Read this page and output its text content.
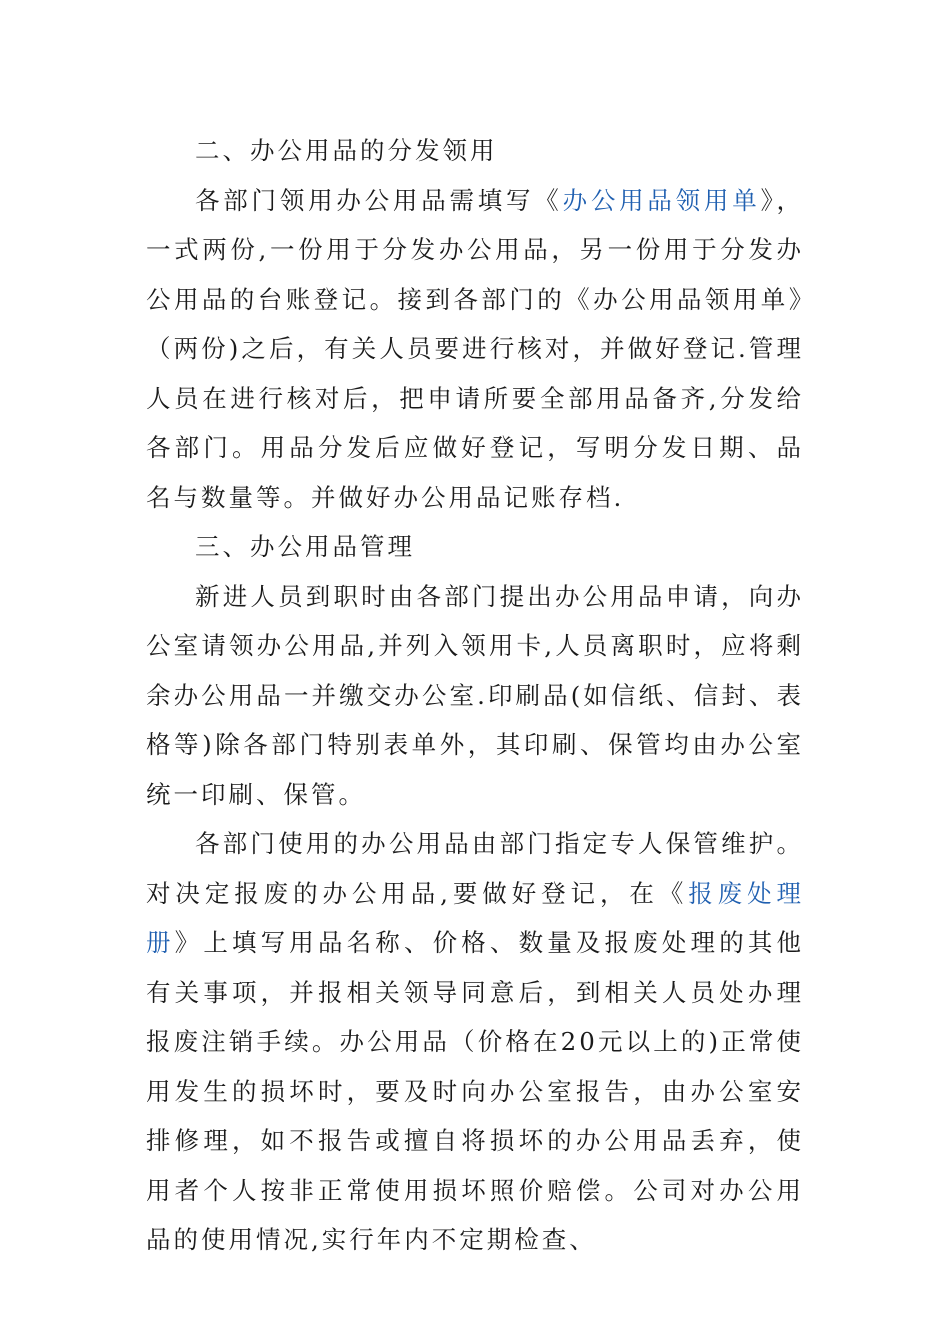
二、办公用品的分发领用

各部门领用办公用品需填写《办公用品领用单》，一式两份,一份用于分发办公用品，另一份用于分发办公用品的台账登记。接到各部门的《办公用品领用单》（两份)之后，有关人员要进行核对，并做好登记.管理人员在进行核对后，把申请所要全部用品备齐,分发给各部门。用品分发后应做好登记，写明分发日期、品名与数量等。并做好办公用品记账存档.

三、办公用品管理

新进人员到职时由各部门提出办公用品申请，向办公室请领办公用品,并列入领用卡,人员离职时，应将剩余办公用品一并缴交办公室.印刷品(如信纸、信封、表格等)除各部门特别表单外，其印刷、保管均由办公室统一印刷、保管。

各部门使用的办公用品由部门指定专人保管维护。对决定报废的办公用品,要做好登记，在《报废处理册》上填写用品名称、价格、数量及报废处理的其他有关事项，并报相关领导同意后，到相关人员处办理报废注销手续。办公用品（价格在20元以上的)正常使用发生的损坏时，要及时向办公室报告，由办公室安排修理，如不报告或擅自将损坏的办公用品丢弃，使用者个人按非正常使用损坏照价赔偿。公司对办公用品的使用情况,实行年内不定期检查、
